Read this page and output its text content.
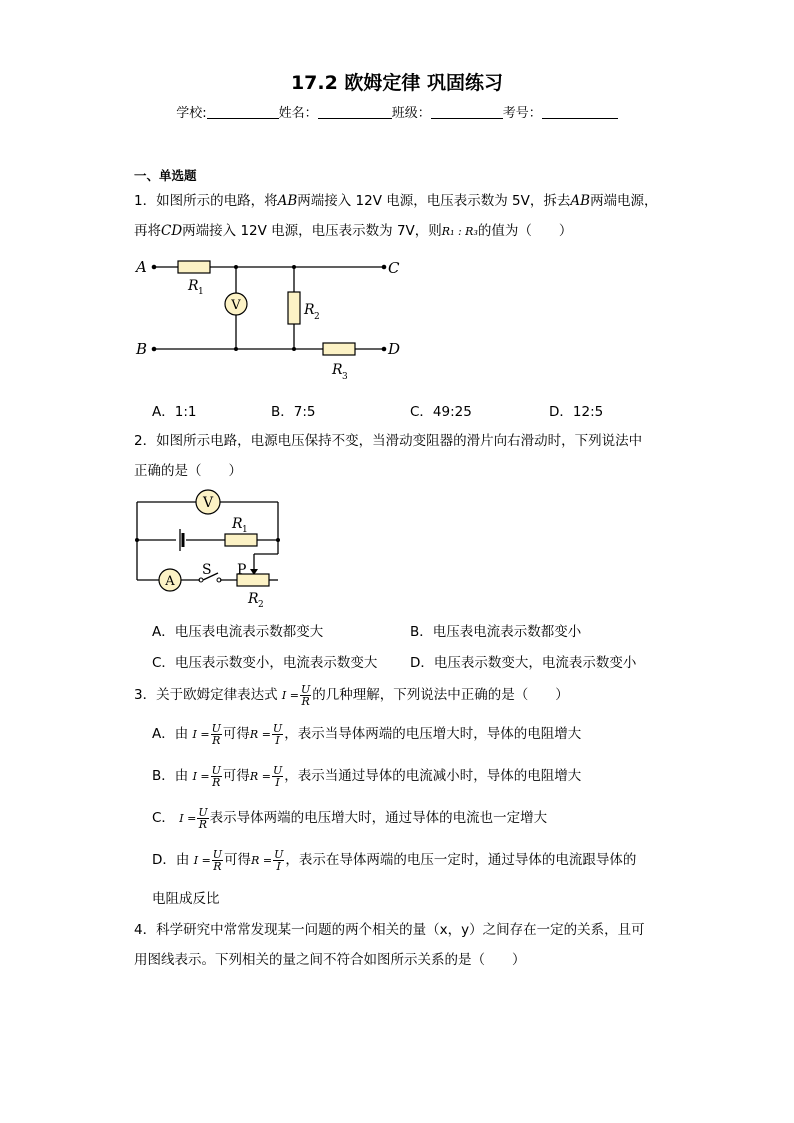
17.2 欧姆定律 巩固练习
学校:	姓名：	班级：	考号：
一、单选题
1．如图所示的电路，将AB两端接入 12V 电源，电压表示数为 5V，拆去AB两端电源，
再将CD两端接入 12V 电源，电压表示数为 7V，则R₁ : R₃的值为（　　）
V
A
B
C
D
R 1
R 2
R 3
A．1:1	B．7:5	C．49:25	D．12:5
2．如图所示电路，电源电压保持不变，当滑动变阻器的滑片向右滑动时，下列说法中
正确的是（　　）
V
A
R 1
S P
R 2
A．电压表电流表示数都变大	B．电压表电流表示数都变小
C．电压表示数变小，电流表示数变大 D．电压表示数变大，电流表示数变小
3．关于欧姆定律表达式 $I = \frac{U}{R}$ 的几种理解，下列说法中正确的是（　　）
A．由 $I = \frac{U}{R}$ 可得$R = \frac{U}{I}$ ，表示当导体两端的电压增大时，导体的电阻增大
B．由 $I = \frac{U}{R}$ 可得$R = \frac{U}{I}$ ，表示当通过导体的电流减小时，导体的电阻增大
C． $I = \frac{U}{R}$ 表示导体两端的电压增大时，通过导体的电流也一定增大
D．由 $I = \frac{U}{R}$ 可得$R = \frac{U}{I}$ ，表示在导体两端的电压一定时，通过导体的电流跟导体的
电阻成反比
4．科学研究中常常发现某一问题的两个相关的量（x，y）之间存在一定的关系，且可
用图线表示。下列相关的量之间不符合如图所示关系的是（　　）
